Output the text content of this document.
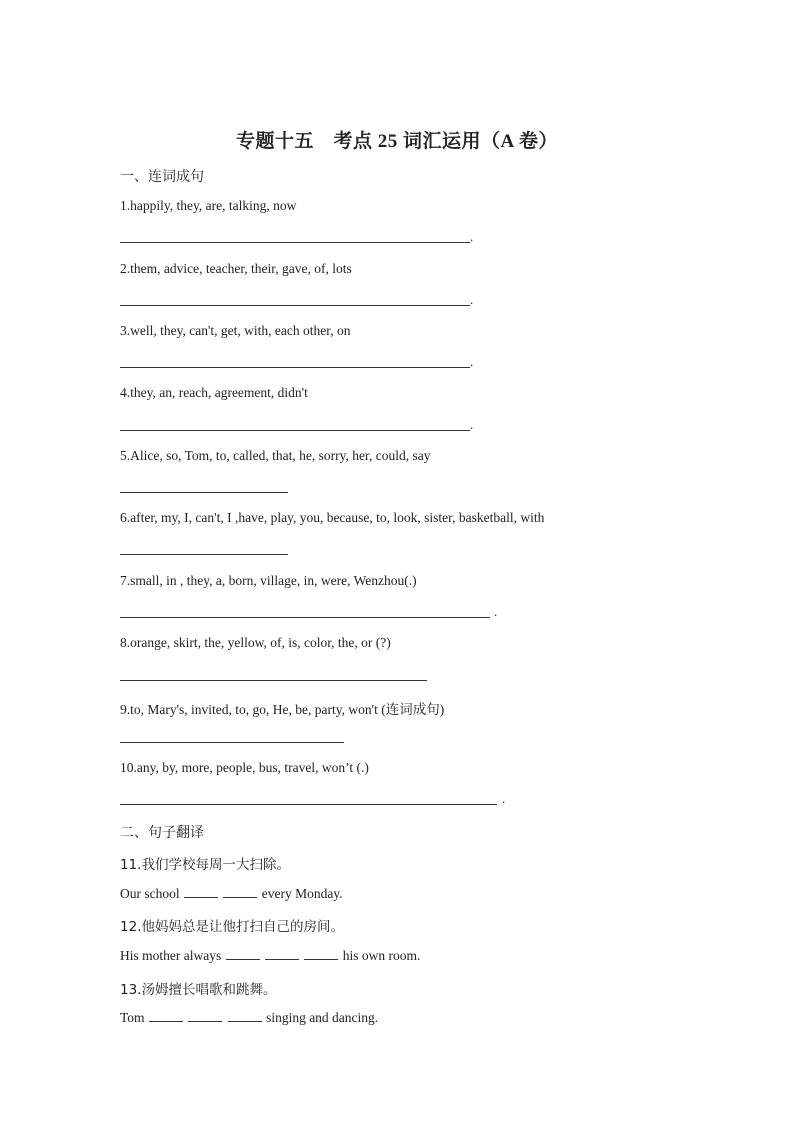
专题十五　考点 25 词汇运用（A 卷）
一、连词成句
1.happily, they, are, talking, now
.
2.them, advice, teacher, their, gave, of, lots
.
3.well, they, can't, get, with, each other, on
.
4.they, an, reach, agreement, didn't
.
5.Alice, so, Tom, to, called, that, he, sorry, her, could, say
6.after, my, I, can't, I ,have, play, you, because, to, look, sister, basketball, with
7.small, in , they, a, born, village, in, were, Wenzhou(.)
.
8.orange, skirt, the, yellow, of, is, color, the, or (?)
9.to, Mary's, invited, to, go, He, be, party, won't (连词成句)
10.any, by, more, people, bus, travel, won’t (.)
.
二、句子翻译
11.我们学校每周一大扫除。
Our school	every Monday.
12.他妈妈总是让他打扫自己的房间。
His mother always	his own room.
13.汤姆擅长唱歌和跳舞。
Tom	singing and dancing.
